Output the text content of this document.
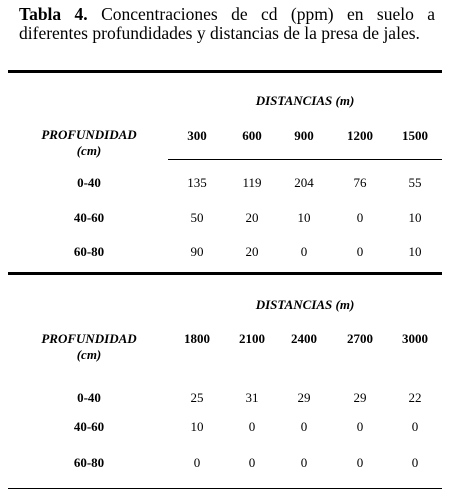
Tabla 4. Concentraciones de cd (ppm) en suelo a diferentes profundidades y distancias de la presa de jales.
DISTANCIAS (m)
PROFUNDIDAD
(cm)
300	600	900	1200 1500
0-40	135	119	204	76	55
40-60	50	20	10	0	10
60-80	90	20	0	0	10
DISTANCIAS (m)
PROFUNDIDAD
(cm)
1800 2100 2400 2700 3000
0-40	25	31	29	29	22
40-60	10	0	0	0	0
60-80	0	0	0	0	0
